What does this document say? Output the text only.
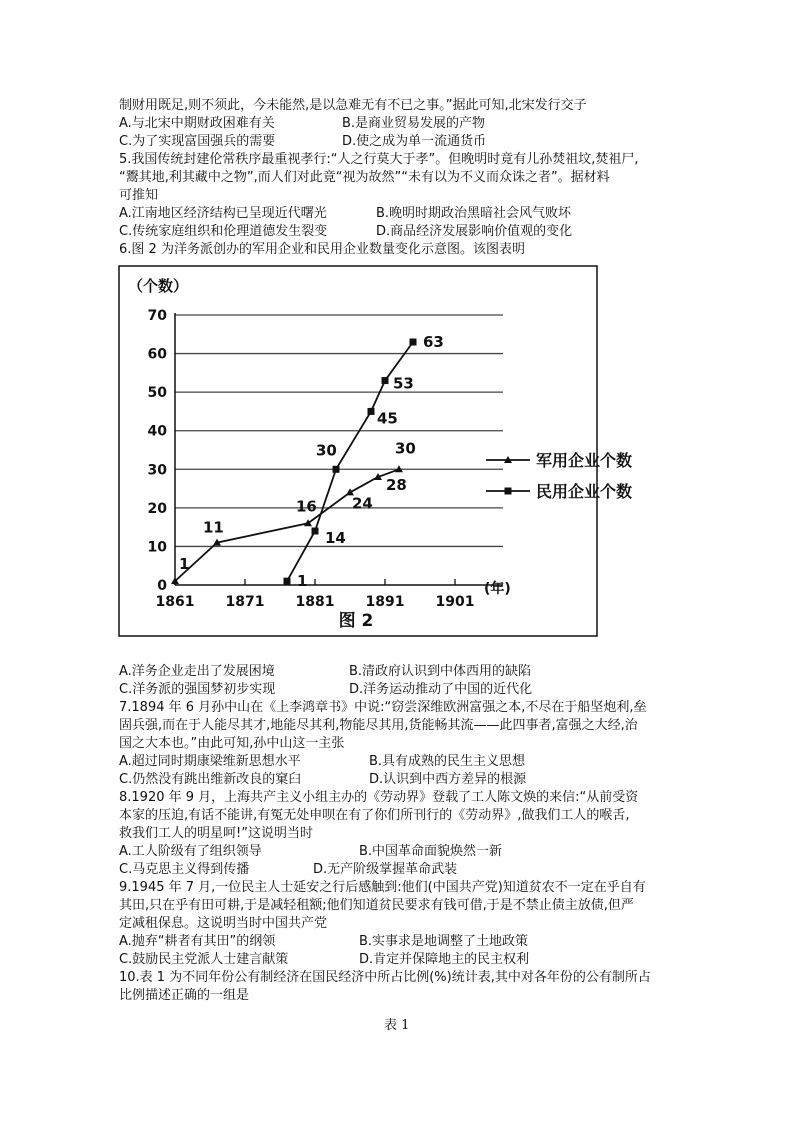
制财用既足,则不须此，今未能然,是以急难无有不已之事。”据此可知,北宋发行交子
A.与北宋中期财政困难有关	B.是商业贸易发展的产物
C.为了实现富国强兵的需要	D.使之成为单一流通货币
5.我国传统封建伦常秩序最重视孝行:“人之行莫大于孝”。但晚明时竟有儿孙焚祖坟,焚祖尸,
“鬻其地,利其藏中之物”,而人们对此竟“视为故然”“未有以为不义而众诛之者”。据材料
可推知
A.江南地区经济结构已呈现近代曙光	B.晚明时期政治黑暗社会风气败坏
C.传统家庭组织和伦理道德发生裂变	D.商品经济发展影响价值观的变化
6.图 2 为洋务派创办的军用企业和民用企业数量变化示意图。该图表明
0
10
20
30
40
50
60
70
1861 1871 1881 1891 1901
1
11
16 24
28
30
1
14
30
45
53
63
军用企业个数
民用企业个数
（个数）
(年)
图 2
A.洋务企业走出了发展困境	B.清政府认识到中体西用的缺陷
C.洋务派的强国梦初步实现	D.洋务运动推动了中国的近代化
7.1894 年 6 月孙中山在《上李鸿章书》中说:“窃尝深维欧洲富强之本,不尽在于船坚炮利,垒
固兵强,而在于人能尽其才,地能尽其利,物能尽其用,货能畅其流——此四事者,富强之大经,治
国之大本也。”由此可知,孙中山这一主张
A.超过同时期康梁维新思想水平	B.具有成熟的民生主义思想
C.仍然没有跳出维新改良的窠臼	D.认识到中西方差异的根源
8.1920 年 9 月，上海共产主义小组主办的《劳动界》登载了工人陈文焕的来信:“从前受资
本家的压迫,有话不能讲,有冤无处申呗在有了你们所刊行的《劳动界》,做我们工人的喉舌,
救我们工人的明星呵!”这说明当时
A.工人阶级有了组织领导	B.中国革命面貌焕然一新
C.马克思主义得到传播	D.无产阶级掌握革命武装
9.1945 年 7 月,一位民主人士延安之行后感触到:他们(中国共产党)知道贫农不一定在乎自有
其田,只在乎有田可耕,于是减轻租额;他们知道贫民要求有钱可借,于是不禁止债主放债,但严
定减租保息。这说明当时中国共产党
A.抛弃“耕者有其田”的纲领	B.实事求是地调整了土地政策
C.鼓励民主党派人士建言献策	D.肯定并保障地主的民主权利
10.表 1 为不同年份公有制经济在国民经济中所占比例(%)统计表,其中对各年份的公有制所占
比例描述正确的一组是
表 1
